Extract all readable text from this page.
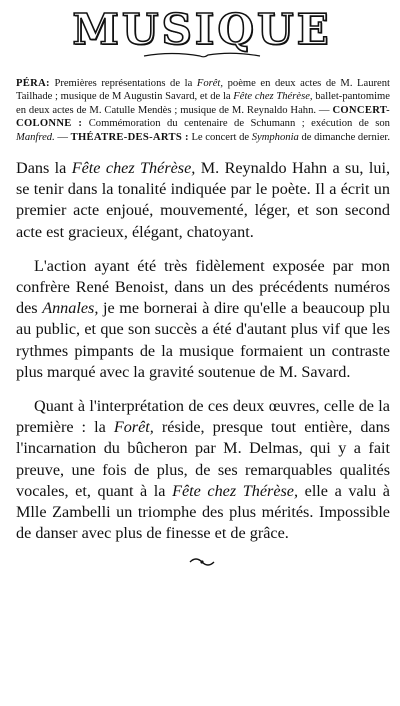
MUSIQUE
PÉRA: Premières représentations de la Forêt, poème en deux actes de M. Laurent Tailhade ; musique de M Augustin Savard, et de la Fête chez Thérèse, ballet-pantomime en deux actes de M. Catulle Mendès ; musique de M. Reynaldo Hahn. — CONCERT-COLONNE : Commémoration du centenaire de Schumann ; exécution de son Manfred. — THÉATRE-DES-ARTS : Le concert de Symphonia de dimanche dernier.

Dans la Fête chez Thérèse, M. Reynaldo Hahn a su, lui, se tenir dans la tonalité indiquée par le poète. Il a écrit un premier acte enjoué, mouvementé, léger, et son second acte est gracieux, élégant, chatoyant.

L'action ayant été très fidèlement exposée par mon confrère René Benoist, dans un des précédents numéros des Annales, je me bornerai à dire qu'elle a beaucoup plu au public, et que son succès a été d'autant plus vif que les rythmes pimpants de la musique formaient un contraste plus marqué avec la gravité soutenue de M. Savard.

Quant à l'interprétation de ces deux œuvres, celle de la première : la Forêt, réside, presque tout entière, dans l'incarnation du bûcheron par M. Delmas, qui y a fait preuve, une fois de plus, de ses remarquables qualités vocales, et, quant à la Fête chez Thérèse, elle a valu à Mlle Zambelli un triomphe des plus mérités. Impossible de danser avec plus de finesse et de grâce.
